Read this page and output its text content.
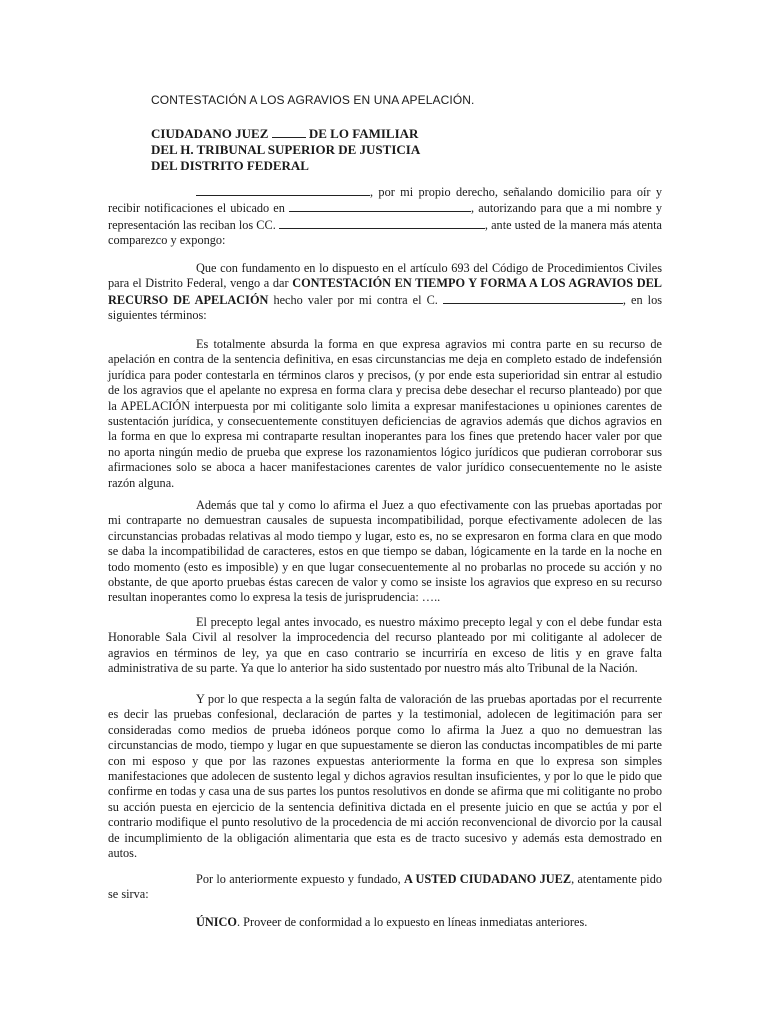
CONTESTACIÓN A LOS AGRAVIOS EN UNA APELACIÓN.
CIUDADANO JUEZ	DE LO FAMILIAR
DEL H. TRIBUNAL SUPERIOR DE JUSTICIA
DEL DISTRITO FEDERAL

, por mi propio derecho, señalando domicilio para oír y recibir notificaciones el ubicado en	, autorizando para que a mi nombre y representación las reciban los CC.	, ante usted de la manera más atenta comparezco y expongo:

Que con fundamento en lo dispuesto en el artículo 693 del Código de Procedimientos Civiles para el Distrito Federal, vengo a dar CONTESTACIÓN EN TIEMPO Y FORMA A LOS AGRAVIOS DEL RECURSO DE APELACIÓN hecho valer por mi contra el C.	, en los siguientes términos:

Es totalmente absurda la forma en que expresa agravios mi contra parte en su recurso de apelación en contra de la sentencia definitiva, en esas circunstancias me deja en completo estado de indefensión jurídica para poder contestarla en términos claros y precisos, (y por ende esta superioridad sin entrar al estudio de los agravios que el apelante no expresa en forma clara y precisa debe desechar el recurso planteado) por que la APELACIÓN interpuesta por mi colitigante solo limita a expresar manifestaciones u opiniones carentes de sustentación jurídica, y consecuentemente constituyen deficiencias de agravios además que dichos agravios en la forma en que lo expresa mi contraparte resultan inoperantes para los fines que pretendo hacer valer por que no aporta ningún medio de prueba que exprese los razonamientos lógico jurídicos que pudieran corroborar sus afirmaciones solo se aboca a hacer manifestaciones carentes de valor jurídico consecuentemente no le asiste razón alguna.

Además que tal y como lo afirma el Juez a quo efectivamente con las pruebas aportadas por mi contraparte no demuestran causales de supuesta incompatibilidad, porque efectivamente adolecen de las circunstancias probadas relativas al modo tiempo y lugar, esto es, no se expresaron en forma clara en que modo se daba la incompatibilidad de caracteres, estos en que tiempo se daban, lógicamente en la tarde en la noche en todo momento (esto es imposible) y en que lugar consecuentemente al no probarlas no procede su acción y no obstante, de que aporto pruebas éstas carecen de valor y como se insiste los agravios que expreso en su recurso resultan inoperantes como lo expresa la tesis de jurisprudencia: …..

El precepto legal antes invocado, es nuestro máximo precepto legal y con el debe fundar esta Honorable Sala Civil al resolver la improcedencia del recurso planteado por mi colitigante al adolecer de agravios en términos de ley, ya que en caso contrario se incurriría en exceso de litis y en grave falta administrativa de su parte. Ya que lo anterior ha sido sustentado por nuestro más alto Tribunal de la Nación.

Y por lo que respecta a la según falta de valoración de las pruebas aportadas por el recurrente es decir las pruebas confesional, declaración de partes y la testimonial, adolecen de legitimación para ser consideradas como medios de prueba idóneos porque como lo afirma la Juez a quo no demuestran las circunstancias de modo, tiempo y lugar en que supuestamente se dieron las conductas incompatibles de mi parte con mi esposo y que por las razones expuestas anteriormente la forma en que lo expresa son simples manifestaciones que adolecen de sustento legal y dichos agravios resultan insuficientes, y por lo que le pido que confirme en todas y casa una de sus partes los puntos resolutivos en donde se afirma que mi colitigante no probo su acción puesta en ejercicio de la sentencia definitiva dictada en el presente juicio en que se actúa y por el contrario modifique el punto resolutivo de la procedencia de mi acción reconvencional de divorcio por la causal de incumplimiento de la obligación alimentaria que esta es de tracto sucesivo y además esta demostrado en autos.

Por lo anteriormente expuesto y fundado, A USTED CIUDADANO JUEZ, atentamente pido se sirva:

ÚNICO. Proveer de conformidad a lo expuesto en líneas inmediatas anteriores.
